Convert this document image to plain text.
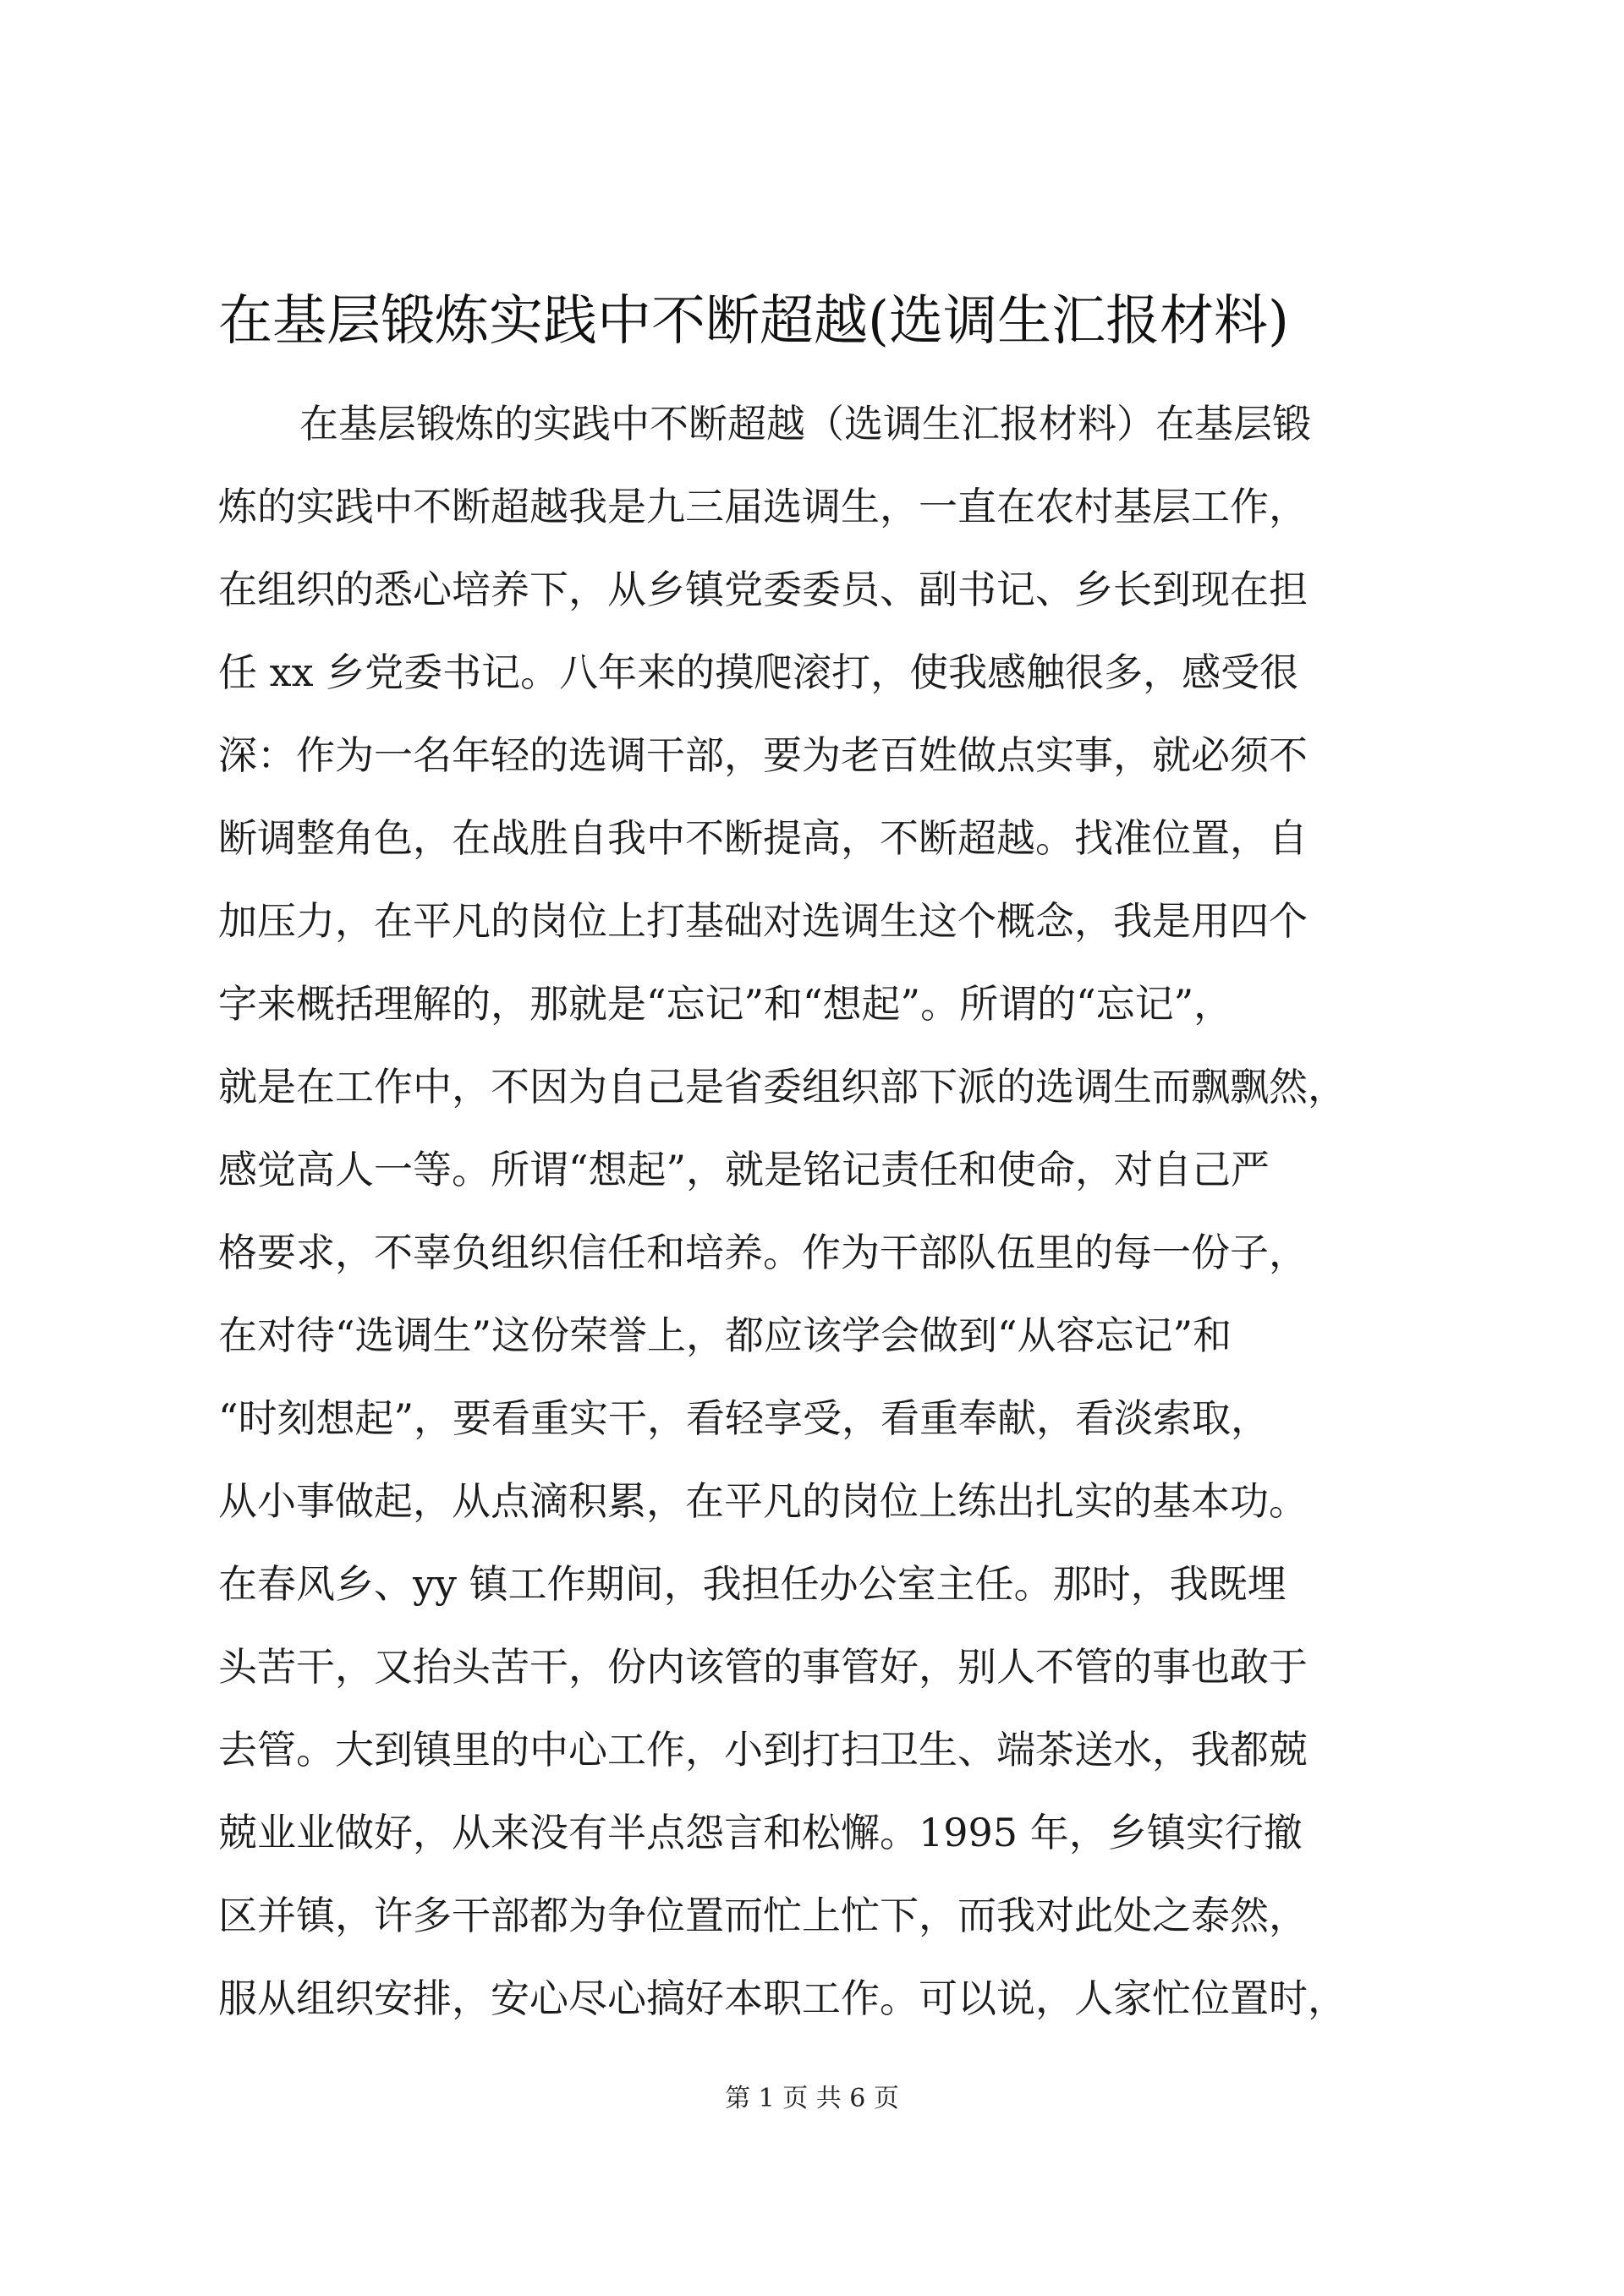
在基层锻炼实践中不断超越(选调生汇报材料)
在基层锻炼的实践中不断超越（选调生汇报材料）在基层锻
炼的实践中不断超越我是九三届选调生，一直在农村基层工作，
在组织的悉心培养下，从乡镇党委委员、副书记、乡长到现在担
任 xx 乡党委书记。八年来的摸爬滚打，使我感触很多，感受很
深：作为一名年轻的选调干部，要为老百姓做点实事，就必须不
断调整角色，在战胜自我中不断提高，不断超越。找准位置，自
加压力，在平凡的岗位上打基础对选调生这个概念，我是用四个
字来概括理解的，那就是“忘记”和“想起”。所谓的“忘记”，
就是在工作中，不因为自己是省委组织部下派的选调生而飘飘然，
感觉高人一等。所谓“想起”，就是铭记责任和使命，对自己严
格要求，不辜负组织信任和培养。作为干部队伍里的每一份子，
在对待“选调生”这份荣誉上，都应该学会做到“从容忘记”和
“时刻想起”，要看重实干，看轻享受，看重奉献，看淡索取，
从小事做起，从点滴积累，在平凡的岗位上练出扎实的基本功。
在春风乡、yy 镇工作期间，我担任办公室主任。那时，我既埋
头苦干，又抬头苦干，份内该管的事管好，别人不管的事也敢于
去管。大到镇里的中心工作，小到打扫卫生、端茶送水，我都兢
兢业业做好，从来没有半点怨言和松懈。1995 年，乡镇实行撤
区并镇，许多干部都为争位置而忙上忙下，而我对此处之泰然，
服从组织安排，安心尽心搞好本职工作。可以说，人家忙位置时，
第 1 页 共 6 页
